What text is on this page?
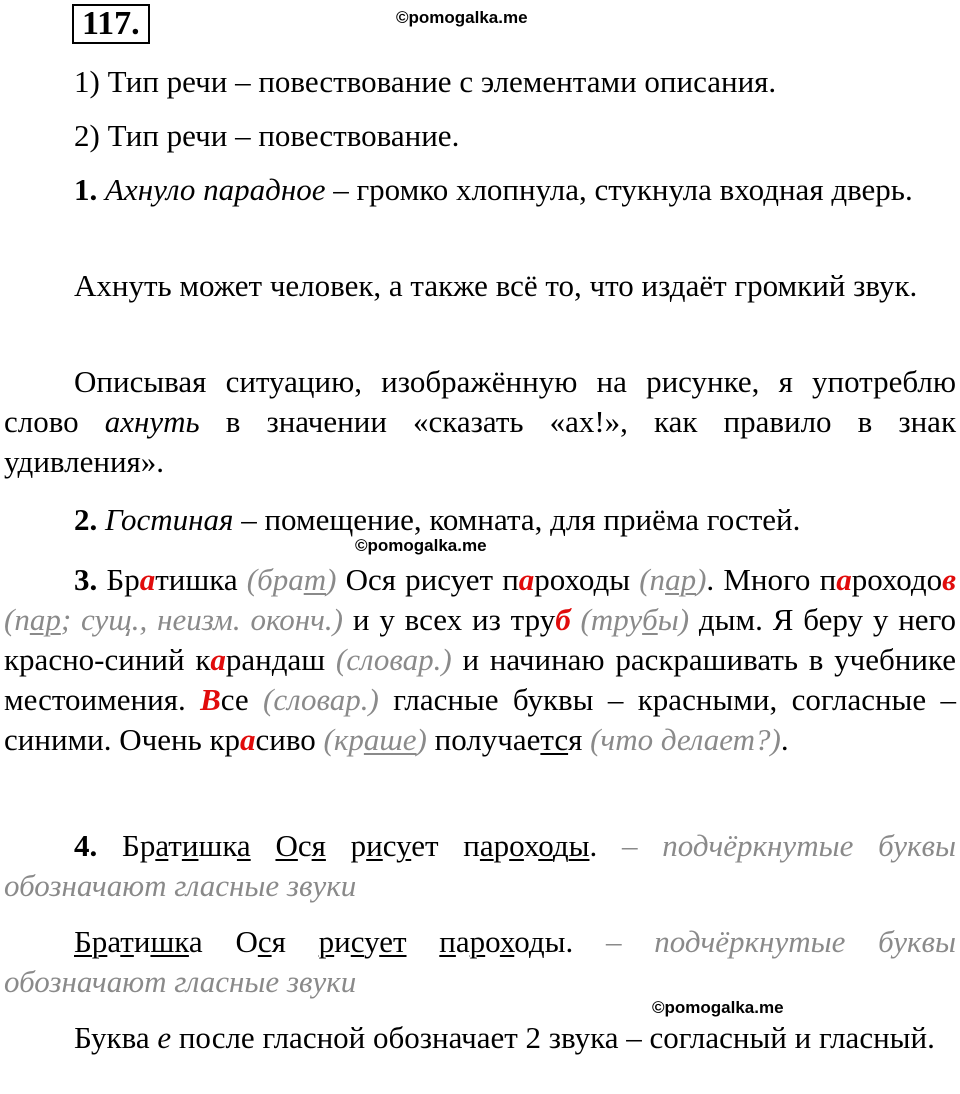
117.	©pomogalka.me

1) Тип речи – повествование с элементами описания.

2) Тип речи – повествование.

1. Ахнуло парадное – громко хлопнула, стукнула входная дверь.

Ахнуть может человек, а также всё то, что издаёт громкий звук.

Описывая ситуацию, изображённую на рисунке, я употреблю слово ахнуть в значении «сказать «ах!», как правило в знак удивления».

2. Гостиная – помещение, комната, для приёма гостей.

©pomogalka.me

3. Братишка (брат) Ося рисует пароходы (пар). Много пароходов (пар; сущ., неизм. оконч.) и у всех из труб (трубы) дым. Я беру у него красно-синий карандаш (словар.) и начинаю раскрашивать в учебнике местоимения. Все (словар.) гласные буквы – красными, согласные – синими. Очень красиво (краше) получается (что делает?).

4. Братишка Ося рисует пароходы. – подчёркнутые буквы обозначают гласные звуки

Братишка Ося рисует пароходы. – подчёркнутые буквы обозначают гласные звуки

©pomogalka.me

Буква е после гласной обозначает 2 звука – согласный и гласный.
